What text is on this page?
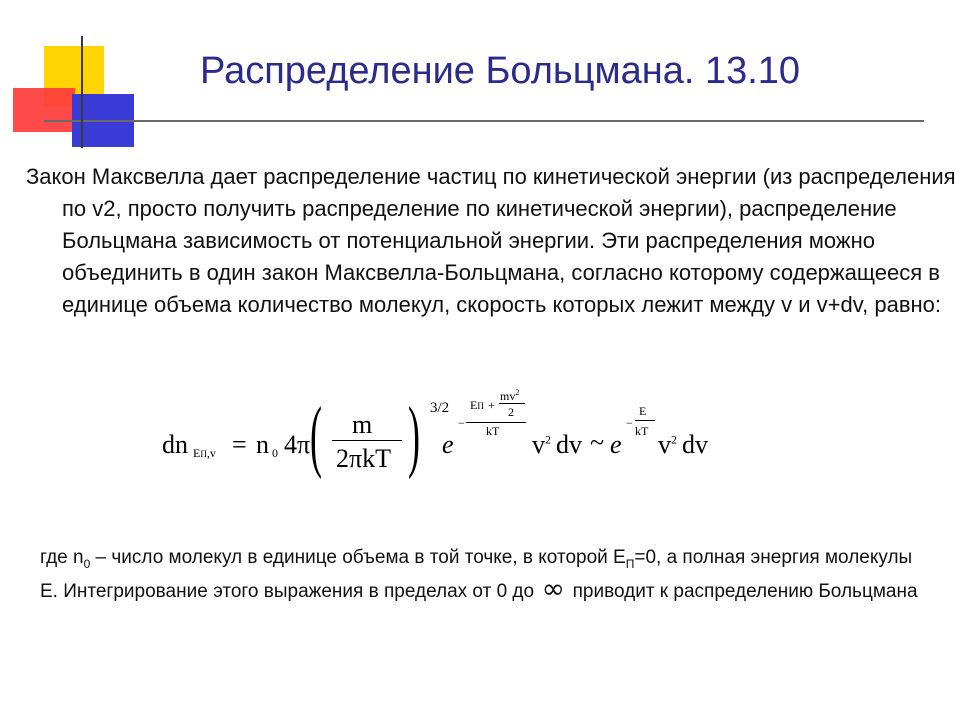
Распределение Больцмана. 13.10

Закон Максвелла дает распределение частиц по кинетической энергии (из распределения по v2, просто получить распределение по кинетической энергии), распределение Больцмана зависимость от потенциальной энергии. Эти распределения можно объединить в один закон Максвелла-Больцмана, согласно которому содержащееся в единице объема количество молекул, скорость которых лежит между v и v+dv, равно:

dn EП,v = n 0 4π ( m
2πkT ) 3/2
e
−
EП +
$mv^2$
2
kT $v^2$ dv ~ e
−
E
kT $v^2$ dv

где $n_0$ – число молекул в единице объема в той точке, в которой $Е_П=0$, а полная энергия молекулы Е. Интегрирование этого выражения в пределах от 0 до ∞ приводит к распределению Больцмана
